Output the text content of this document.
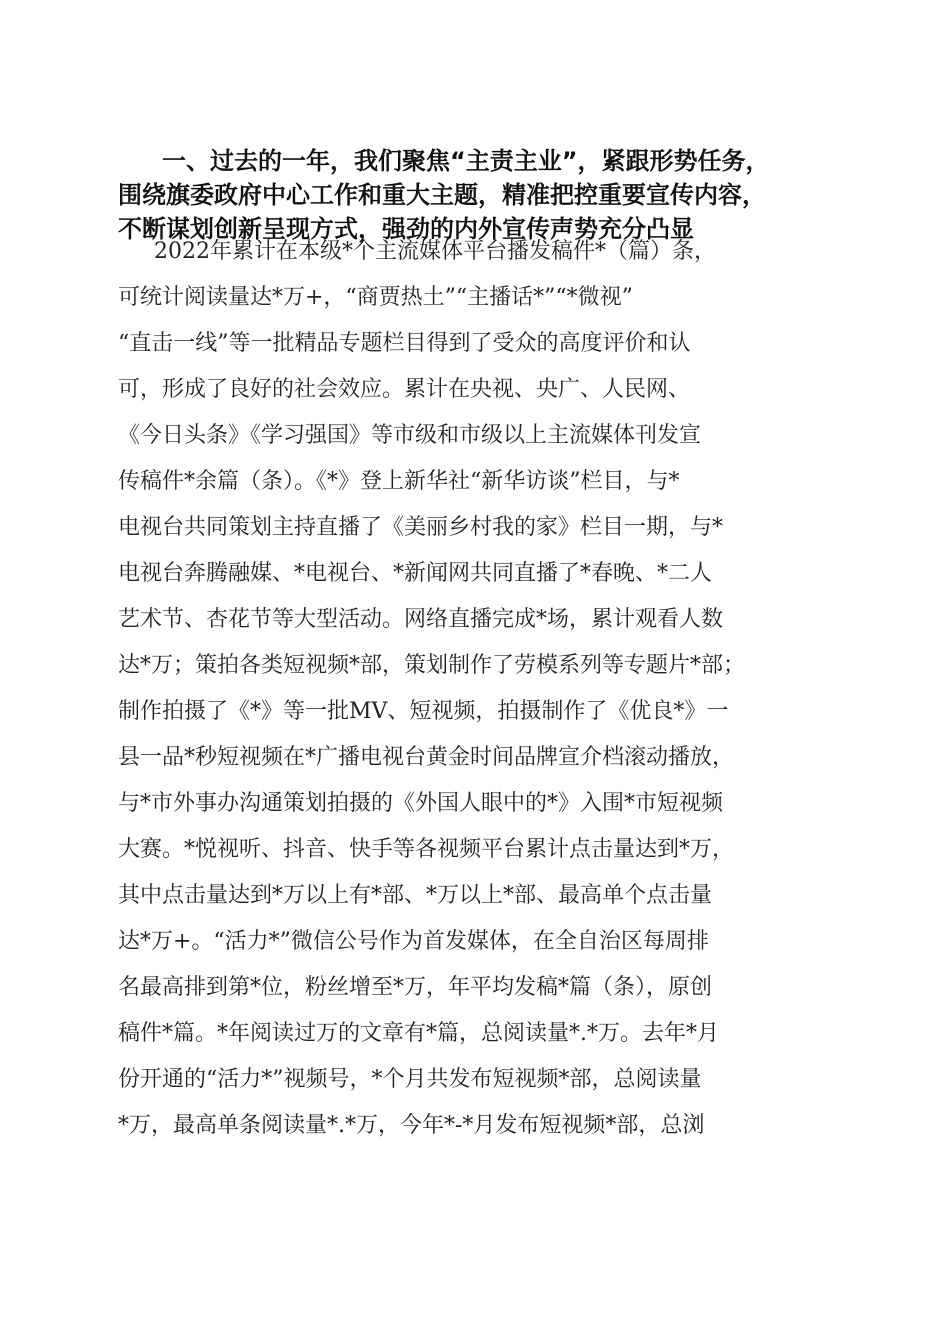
一、过去的一年，我们聚焦“主责主业”，紧跟形势任务，
围绕旗委政府中心工作和重大主题，精准把控重要宣传内容，
不断谋划创新呈现方式，强劲的内外宣传声势充分凸显

2022年累计在本级*个主流媒体平台播发稿件*（篇）条，
可统计阅读量达*万+，“商贾热土”“主播话*”“*微视”
“直击一线”等一批精品专题栏目得到了受众的高度评价和认
可，形成了良好的社会效应。累计在央视、央广、人民网、
《今日头条》《学习强国》等市级和市级以上主流媒体刊发宣
传稿件*余篇（条）。《*》登上新华社“新华访谈”栏目，与*
电视台共同策划主持直播了《美丽乡村我的家》栏目一期，与*
电视台奔腾融媒、*电视台、*新闻网共同直播了*春晚、*二人
艺术节、杏花节等大型活动。网络直播完成*场，累计观看人数
达*万；策拍各类短视频*部，策划制作了劳模系列等专题片*部；
制作拍摄了《*》等一批MV、短视频，拍摄制作了《优良*》一
县一品*秒短视频在*广播电视台黄金时间品牌宣介档滚动播放，
与*市外事办沟通策划拍摄的《外国人眼中的*》入围*市短视频
大赛。*悦视听、抖音、快手等各视频平台累计点击量达到*万，
其中点击量达到*万以上有*部、*万以上*部、最高单个点击量
达*万+。“活力*”微信公号作为首发媒体，在全自治区每周排
名最高排到第*位，粉丝增至*万，年平均发稿*篇（条），原创
稿件*篇。*年阅读过万的文章有*篇，总阅读量*.*万。去年*月
份开通的“活力*”视频号，*个月共发布短视频*部，总阅读量
*万，最高单条阅读量*.*万，今年*-*月发布短视频*部，总浏
